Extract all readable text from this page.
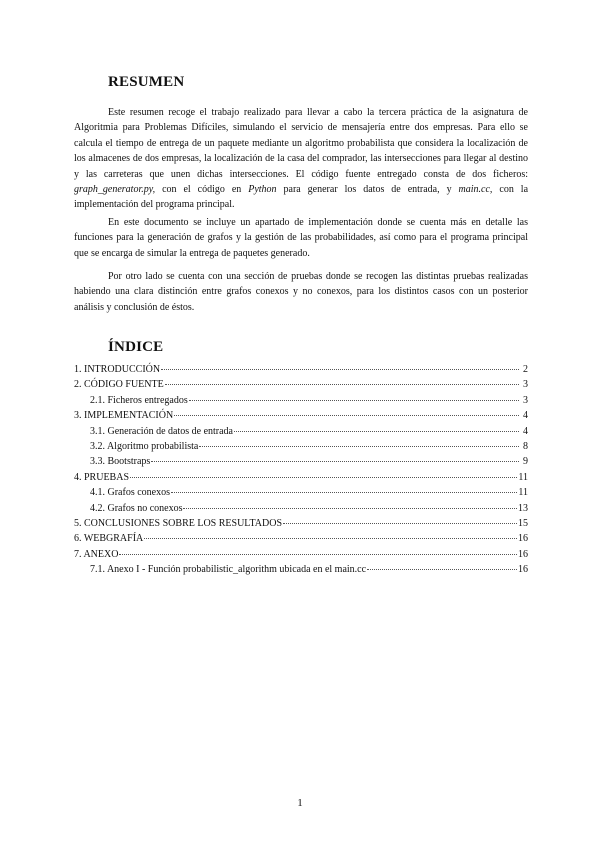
RESUMEN

Este resumen recoge el trabajo realizado para llevar a cabo la tercera práctica de la asignatura de Algoritmia para Problemas Difíciles, simulando el servicio de mensajería entre dos empresas. Para ello se calcula el tiempo de entrega de un paquete mediante un algoritmo probabilista que considera la localización de los almacenes de dos empresas, la localización de la casa del comprador, las intersecciones para llegar al destino y las carreteras que unen dichas intersecciones. El código fuente entregado consta de dos ficheros: graph_generator.py, con el código en Python para generar los datos de entrada, y main.cc, con la implementación del programa principal.

En este documento se incluye un apartado de implementación donde se cuenta más en detalle las funciones para la generación de grafos y la gestión de las probabilidades, así como para el programa principal que se encarga de simular la entrega de paquetes generado.

Por otro lado se cuenta con una sección de pruebas donde se recogen las distintas pruebas realizadas habiendo una clara distinción entre grafos conexos y no conexos, para los distintos casos con un posterior análisis y conclusión de éstos.

ÍNDICE
1. INTRODUCCIÓN	2
2. CÓDIGO FUENTE	3
2.1. Ficheros entregados	3
3. IMPLEMENTACIÓN	4
3.1. Generación de datos de entrada	4
3.2. Algoritmo probabilista	8
3.3. Bootstraps	9
4. PRUEBAS	11
4.1. Grafos conexos	11
4.2. Grafos no conexos	13
5. CONCLUSIONES SOBRE LOS RESULTADOS	15
6. WEBGRAFÍA	16
7. ANEXO	16
7.1. Anexo I - Función probabilistic_algorithm ubicada en el main.cc	16
1
